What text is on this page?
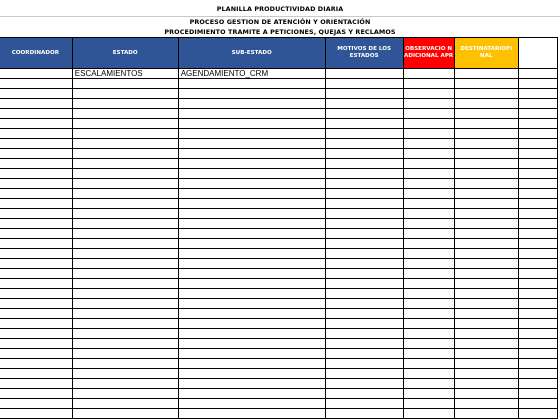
PLANILLA PRODUCTIVIDAD DIARIA
PROCESO GESTION DE ATENCIÓN Y ORIENTACIÓN
PROCEDIMIENTO TRAMITE A PETICIONES, QUEJAS Y RECLAMOS
COORDINADOR	ESTADO	SUB-ESTADO	MOTIVOS DE LOS ESTADOS	OBSERVACIO N ADICIONAL APR	DESTINATARIOFI NAL	DIRECCIO N ENV "CART
	ESCALAMIENTOS	AGENDAMIENTO_CRM				
